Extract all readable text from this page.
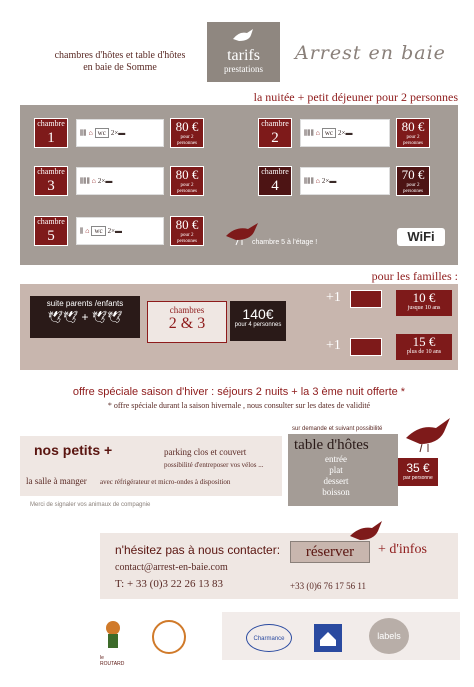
chambres d'hôtes et table d'hôtes
en baie de Somme
tarifs
prestations
Arrest en baie
la nuitée + petit déjeuner pour 2 personnes
chambre
1	⫼⫼ ⌂ wc 2×▬	80 €
pour 2 personnes
chambre
2	⫼⫼⫼ ⌂ wc 2×▬	80 €
pour 2 personnes
chambre
3	⫼⫼⫼ ⌂ 2×▬	80 €
pour 2 personnes
chambre
4	⫼⫼⫼ ⌂ 2×▬	70 €
pour 2 personnes
chambre
5	⫼ ⌂ wc 2×▬	80 €
pour 2 personnes	chambre 5 à l'étage !	WiFi
pour les familles :
suite parents /enfants
🕊🕊 + 🕊🕊	chambres
2 & 3
140€
pour 4 personnes
+1	10 €
jusque 10 ans
+1	15 €
plus de 10 ans
offre spéciale saison d'hiver : séjours 2 nuits + la 3 ème nuit offerte *
* offre spéciale durant la saison hivernale , nous consulter sur les dates de validité
sur demande et suivant possibilité
nos petits +	parking clos et couvert
possibilité d'entreposer vos vélos ...
la salle à manger avec réfrigérateur et micro-ondes à disposition
Merci de signaler vos animaux de compagnie
table d'hôtes
entrée
plat
dessert
boisson
35 €
par personne
n'hésitez pas à nous contacter:
contact@arrest-en-baie.com
T: + 33 (0)3 22 26 13 83	+33 (0)6 76 17 56 11
réserver	+ d'infos
le ROUTARD
Charmance	labels
